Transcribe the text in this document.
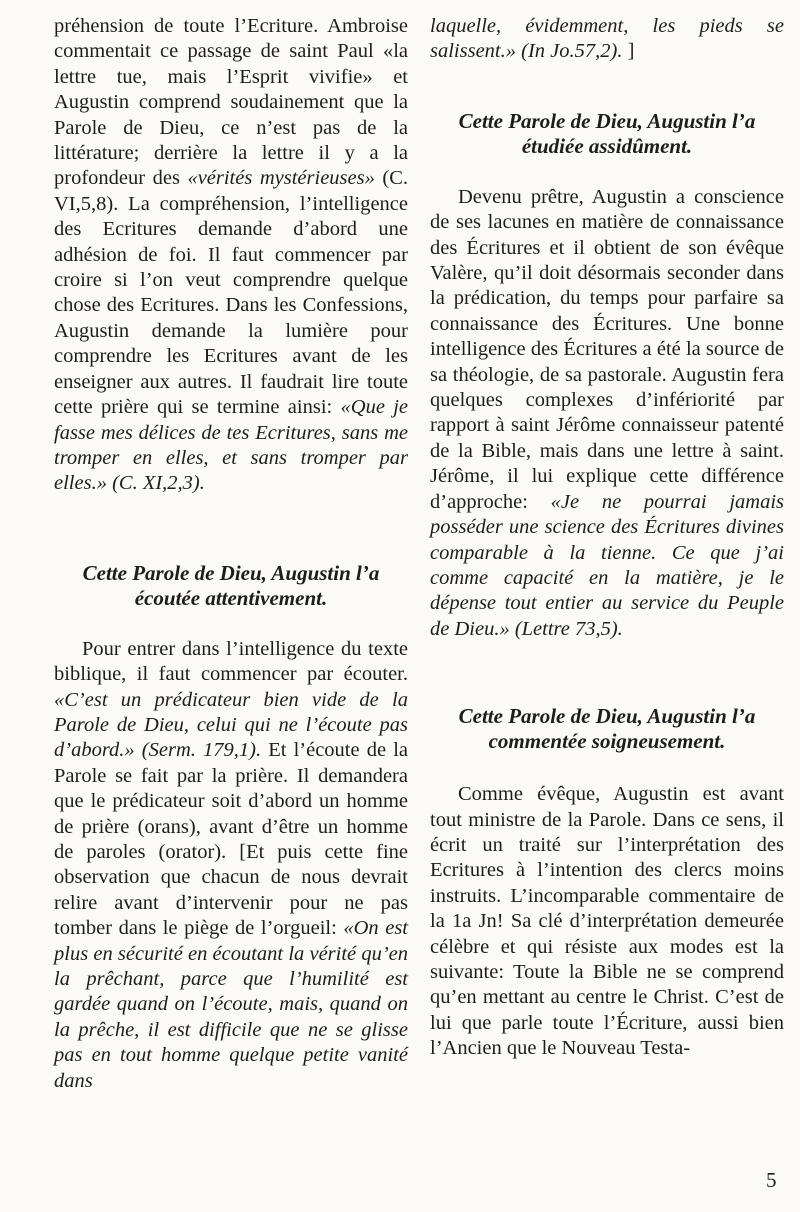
préhension de toute l’Ecriture. Ambroise commentait ce passage de saint Paul «la lettre tue, mais l’Esprit vivifie» et Augustin comprend soudainement que la Parole de Dieu, ce n’est pas de la littérature; derrière la lettre il y a la profondeur des «vérités mystérieuses» (C. VI,5,8). La compréhension, l’intelligence des Ecritures demande d’abord une adhésion de foi. Il faut commencer par croire si l’on veut comprendre quelque chose des Ecritures. Dans les Confessions, Augustin demande la lumière pour comprendre les Ecritures avant de les enseigner aux autres. Il faudrait lire toute cette prière qui se termine ainsi: «Que je fasse mes délices de tes Ecritures, sans me tromper en elles, et sans tromper par elles.» (C. XI,2,3).

Cette Parole de Dieu, Augustin l’a écoutée attentivement.

Pour entrer dans l’intelligence du texte biblique, il faut commencer par écouter. «C’est un prédicateur bien vide de la Parole de Dieu, celui qui ne l’écoute pas d’abord.» (Serm. 179,1). Et l’écoute de la Parole se fait par la prière. Il demandera que le prédicateur soit d’abord un homme de prière (orans), avant d’être un homme de paroles (orator). [Et puis cette fine observation que chacun de nous devrait relire avant d’intervenir pour ne pas tomber dans le piège de l’orgueil: «On est plus en sécurité en écoutant la vérité qu’en la prêchant, parce que l’humilité est gardée quand on l’écoute, mais, quand on la prêche, il est difficile que ne se glisse pas en tout homme quelque petite vanité dans

laquelle, évidemment, les pieds se salissent.» (In Jo.57,2). ]

Cette Parole de Dieu, Augustin l’a étudiée assidûment.

Devenu prêtre, Augustin a conscience de ses lacunes en matière de connaissance des Écritures et il obtient de son évêque Valère, qu’il doit désormais seconder dans la prédication, du temps pour parfaire sa connaissance des Écritures. Une bonne intelligence des Écritures a été la source de sa théologie, de sa pastorale. Augustin fera quelques complexes d’infériorité par rapport à saint Jérôme connaisseur patenté de la Bible, mais dans une lettre à saint. Jérôme, il lui explique cette différence d’approche: «Je ne pourrai jamais posséder une science des Écritures divines comparable à la tienne. Ce que j’ai comme capacité en la matière, je le dépense tout entier au service du Peuple de Dieu.» (Lettre 73,5).

Cette Parole de Dieu, Augustin l’a commentée soigneusement.

Comme évêque, Augustin est avant tout ministre de la Parole. Dans ce sens, il écrit un traité sur l’interprétation des Ecritures à l’intention des clercs moins instruits. L’incomparable commentaire de la 1a Jn! Sa clé d’interprétation demeurée célèbre et qui résiste aux modes est la suivante: Toute la Bible ne se comprend qu’en mettant au centre le Christ. C’est de lui que parle toute l’Écriture, aussi bien l’Ancien que le Nouveau Testa-

5
